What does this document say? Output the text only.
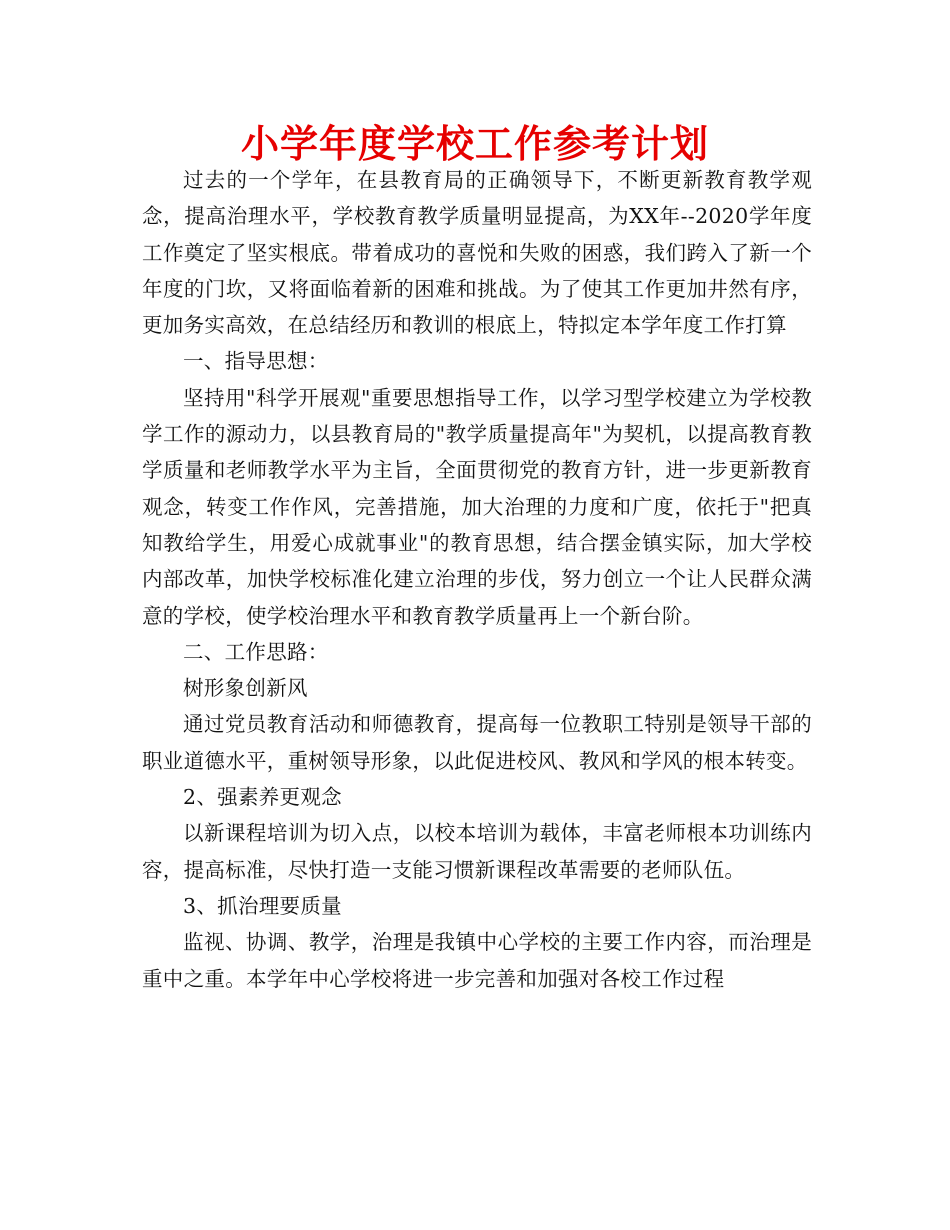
小学年度学校工作参考计划

过去的一个学年，在县教育局的正确领导下，不断更新教育教学观念，提高治理水平，学校教育教学质量明显提高，为XX年--2020学年度工作奠定了坚实根底。带着成功的喜悦和失败的困惑，我们跨入了新一个年度的门坎，又将面临着新的困难和挑战。为了使其工作更加井然有序，更加务实高效，在总结经历和教训的根底上，特拟定本学年度工作打算

一、指导思想：

坚持用"科学开展观"重要思想指导工作，以学习型学校建立为学校教学工作的源动力，以县教育局的"教学质量提高年"为契机，以提高教育教学质量和老师教学水平为主旨，全面贯彻党的教育方针，进一步更新教育观念，转变工作作风，完善措施，加大治理的力度和广度，依托于"把真知教给学生，用爱心成就事业"的教育思想，结合摆金镇实际，加大学校内部改革，加快学校标准化建立治理的步伐，努力创立一个让人民群众满意的学校，使学校治理水平和教育教学质量再上一个新台阶。

二、工作思路：

树形象创新风

通过党员教育活动和师德教育，提高每一位教职工特别是领导干部的职业道德水平，重树领导形象，以此促进校风、教风和学风的根本转变。

2、强素养更观念

以新课程培训为切入点，以校本培训为载体，丰富老师根本功训练内容，提高标准，尽快打造一支能习惯新课程改革需要的老师队伍。

3、抓治理要质量

监视、协调、教学，治理是我镇中心学校的主要工作内容，而治理是重中之重。本学年中心学校将进一步完善和加强对各校工作过程
